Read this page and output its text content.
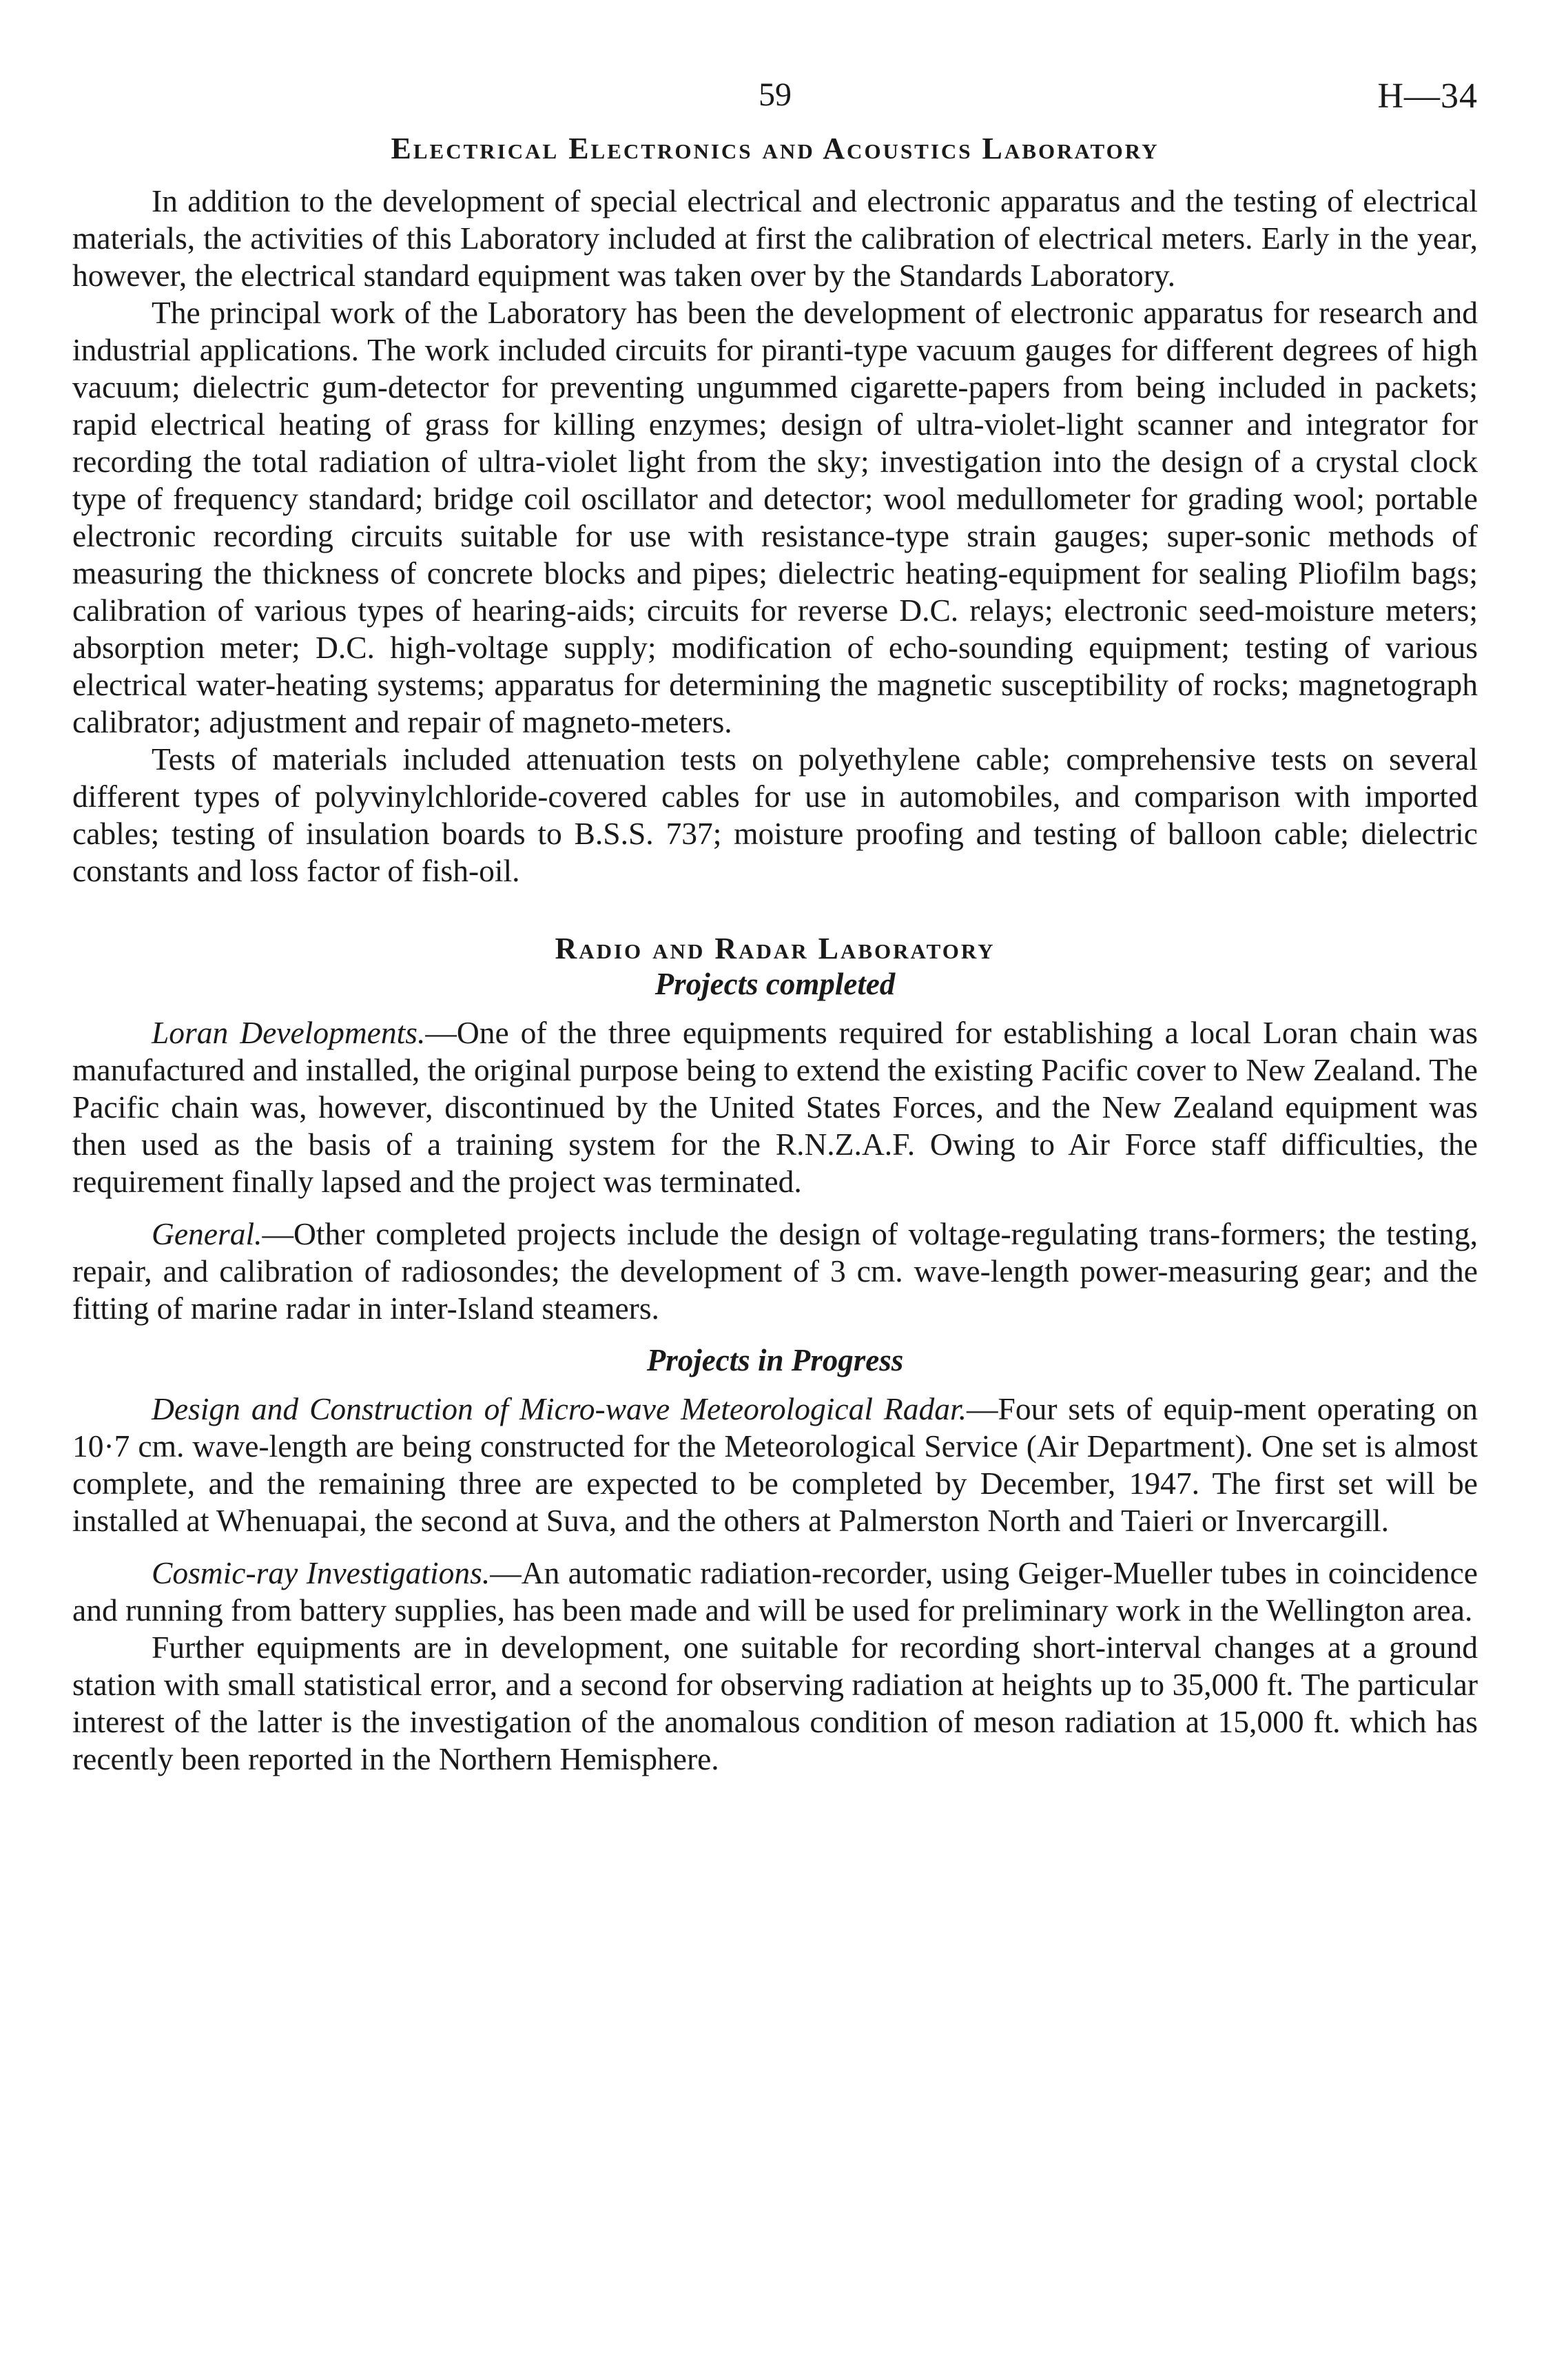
59	H—34
Electrical Electronics and Acoustics Laboratory

In addition to the development of special electrical and electronic apparatus and the testing of electrical materials, the activities of this Laboratory included at first the calibration of electrical meters. Early in the year, however, the electrical standard equipment was taken over by the Standards Laboratory.

The principal work of the Laboratory has been the development of electronic apparatus for research and industrial applications. The work included circuits for piranti-type vacuum gauges for different degrees of high vacuum; dielectric gum-detector for preventing ungummed cigarette-papers from being included in packets; rapid electrical heating of grass for killing enzymes; design of ultra-violet-light scanner and integrator for recording the total radiation of ultra-violet light from the sky; investigation into the design of a crystal clock type of frequency standard; bridge coil oscillator and detector; wool medullometer for grading wool; portable electronic recording circuits suitable for use with resistance-type strain gauges; super-sonic methods of measuring the thickness of concrete blocks and pipes; dielectric heating-equipment for sealing Pliofilm bags; calibration of various types of hearing-aids; circuits for reverse D.C. relays; electronic seed-moisture meters; absorption meter; D.C. high-voltage supply; modification of echo-sounding equipment; testing of various electrical water-heating systems; apparatus for determining the magnetic susceptibility of rocks; magnetograph calibrator; adjustment and repair of magneto-meters.

Tests of materials included attenuation tests on polyethylene cable; comprehensive tests on several different types of polyvinylchloride-covered cables for use in automobiles, and comparison with imported cables; testing of insulation boards to B.S.S. 737; moisture proofing and testing of balloon cable; dielectric constants and loss factor of fish-oil.

Radio and Radar Laboratory
Projects completed

Loran Developments.—One of the three equipments required for establishing a local Loran chain was manufactured and installed, the original purpose being to extend the existing Pacific cover to New Zealand. The Pacific chain was, however, discontinued by the United States Forces, and the New Zealand equipment was then used as the basis of a training system for the R.N.Z.A.F. Owing to Air Force staff difficulties, the requirement finally lapsed and the project was terminated.

General.—Other completed projects include the design of voltage-regulating trans-formers; the testing, repair, and calibration of radiosondes; the development of 3 cm. wave-length power-measuring gear; and the fitting of marine radar in inter-Island steamers.

Projects in Progress

Design and Construction of Micro-wave Meteorological Radar.—Four sets of equip-ment operating on 10·7 cm. wave-length are being constructed for the Meteorological Service (Air Department). One set is almost complete, and the remaining three are expected to be completed by December, 1947. The first set will be installed at Whenuapai, the second at Suva, and the others at Palmerston North and Taieri or Invercargill.

Cosmic-ray Investigations.—An automatic radiation-recorder, using Geiger-Mueller tubes in coincidence and running from battery supplies, has been made and will be used for preliminary work in the Wellington area.

Further equipments are in development, one suitable for recording short-interval changes at a ground station with small statistical error, and a second for observing radiation at heights up to 35,000 ft. The particular interest of the latter is the investigation of the anomalous condition of meson radiation at 15,000 ft. which has recently been reported in the Northern Hemisphere.
